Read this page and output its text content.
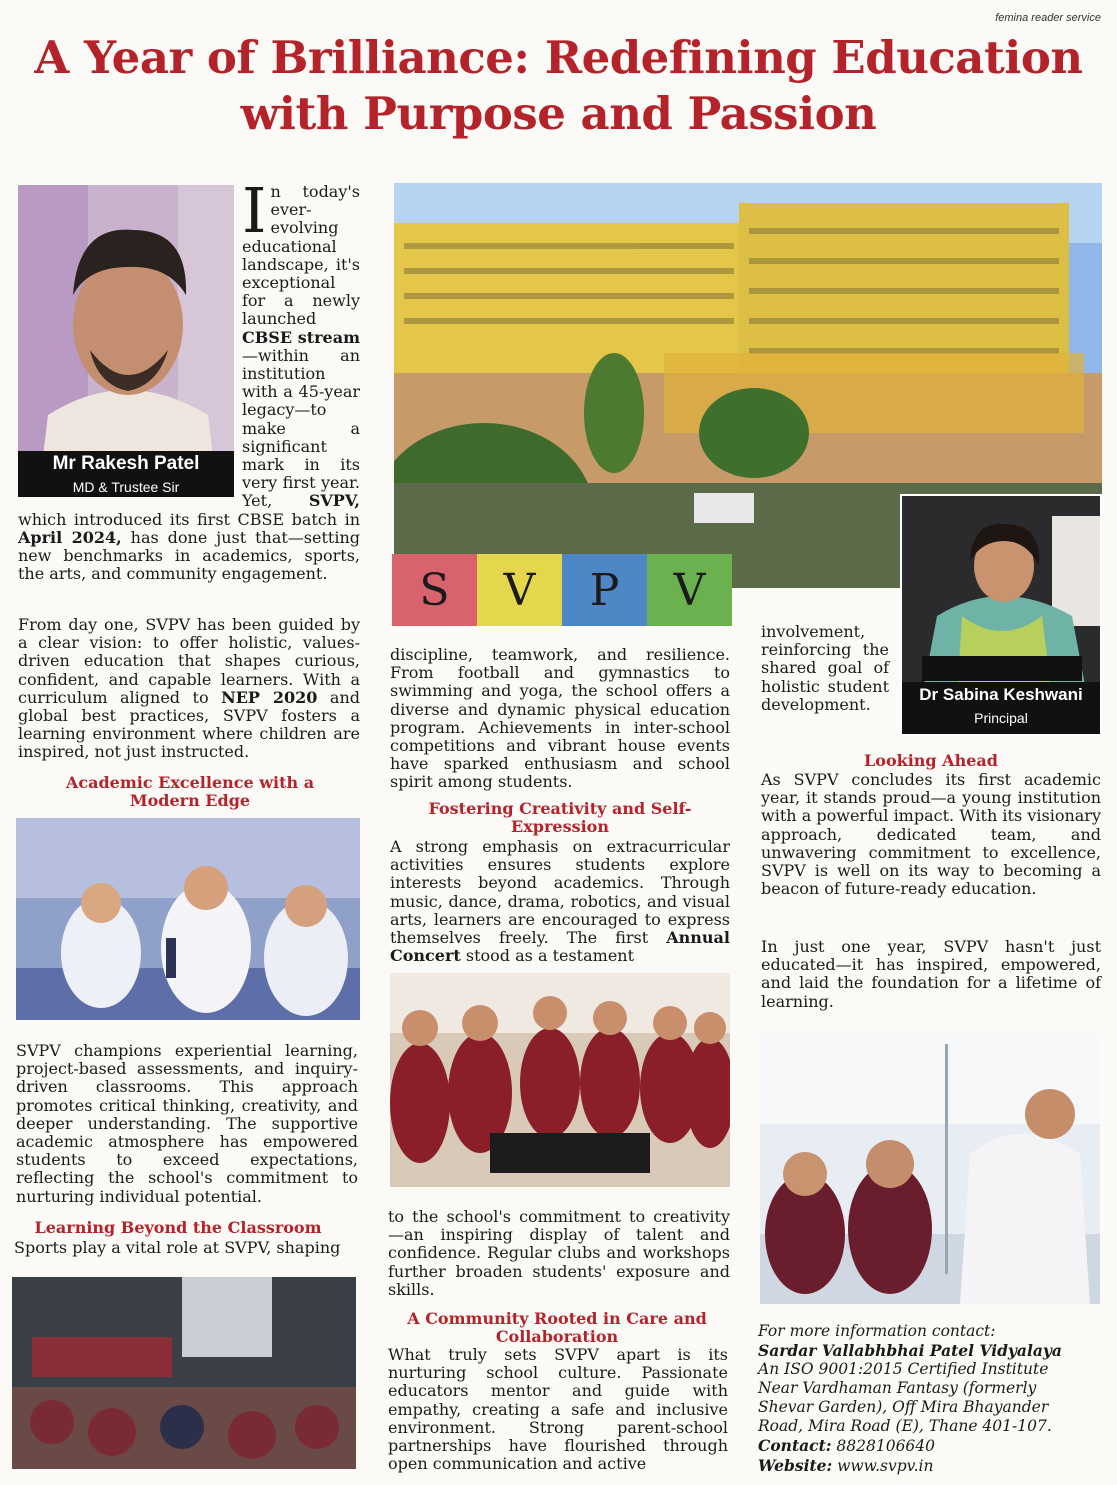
femina reader service
A Year of Brilliance: Redefining Education
with Purpose and Passion
Mr Rakesh Patel
MD & Trustee Sir

In today's ever-evolving educational landscape, it's exceptional for a newly launched CBSE stream—within an institution with a 45-year legacy—to make a significant mark in its very first year. Yet, SVPV, which introduced its first CBSE batch in April 2024, has done just that—setting new benchmarks in academics, sports, the arts, and community engagement.

From day one, SVPV has been guided by a clear vision: to offer holistic, values-driven education that shapes curious, confident, and capable learners. With a curriculum aligned to NEP 2020 and global best practices, SVPV fosters a learning environment where children are inspired, not just instructed.

Academic Excellence with a Modern Edge

SVPV champions experiential learning, project-based assessments, and inquiry-driven classrooms. This approach promotes critical thinking, creativity, and deeper understanding. The supportive academic atmosphere has empowered students to exceed expectations, reflecting the school's commitment to nurturing individual potential.

Learning Beyond the Classroom

Sports play a vital role at SVPV, shaping

S	V	P	V
Dr Sabina Keshwani
Principal

discipline, teamwork, and resilience. From football and gymnastics to swimming and yoga, the school offers a diverse and dynamic physical education program. Achievements in inter-school competitions and vibrant house events have sparked enthusiasm and school spirit among students.

Fostering Creativity and Self-Expression

A strong emphasis on extracurricular activities ensures students explore interests beyond academics. Through music, dance, drama, robotics, and visual arts, learners are encouraged to express themselves freely. The first Annual Concert stood as a testament

to the school's commitment to creativity—an inspiring display of talent and confidence. Regular clubs and workshops further broaden students' exposure and skills.

A Community Rooted in Care and Collaboration

What truly sets SVPV apart is its nurturing school culture. Passionate educators mentor and guide with empathy, creating a safe and inclusive environment. Strong parent-school partnerships have flourished through open communication and active

involvement, reinforcing the shared goal of holistic student development.

Looking Ahead

As SVPV concludes its first academic year, it stands proud—a young institution with a powerful impact. With its visionary approach, dedicated team, and unwavering commitment to excellence, SVPV is well on its way to becoming a beacon of future-ready education.

In just one year, SVPV hasn't just educated—it has inspired, empowered, and laid the foundation for a lifetime of learning.

For more information contact:
Sardar Vallabhbhai Patel Vidyalaya
An ISO 9001:2015 Certified Institute
Near Vardhaman Fantasy (formerly
Shevar Garden), Off Mira Bhayander
Road, Mira Road (E), Thane 401-107.
Contact: 8828106640
Website: www.svpv.in
